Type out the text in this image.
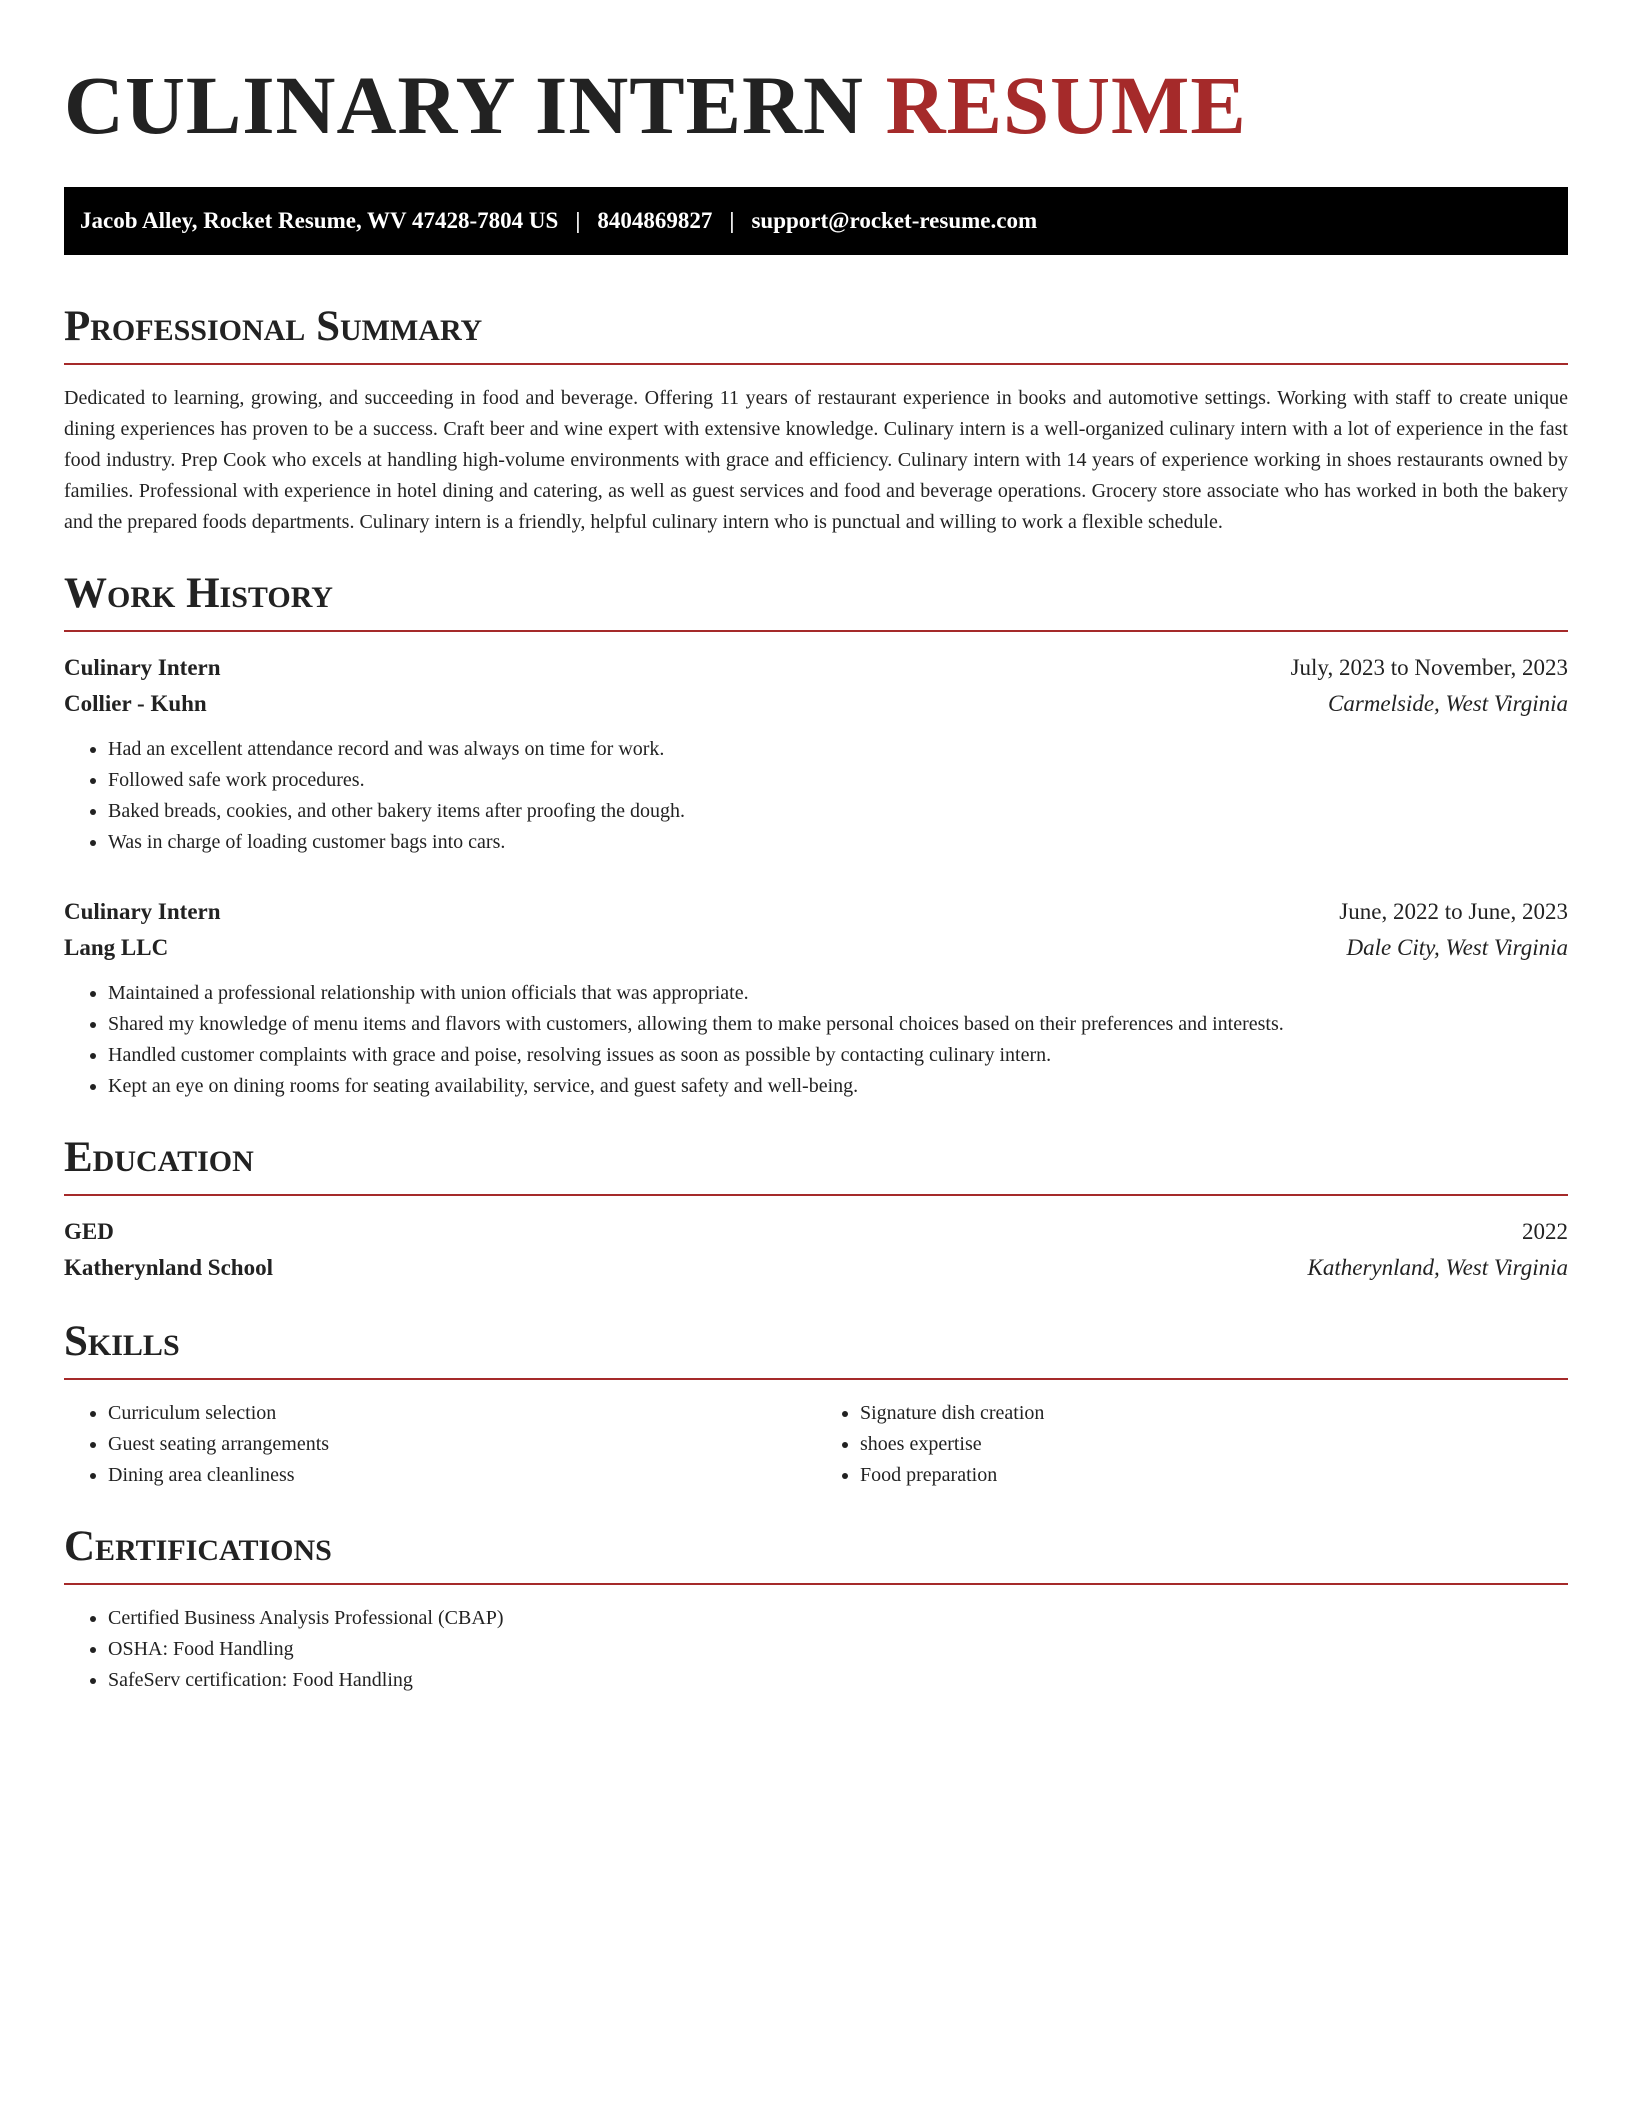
CULINARY INTERN RESUME
Jacob Alley, Rocket Resume, WV 47428-7804 US | 8404869827 | support@rocket-resume.com
Professional Summary

Dedicated to learning, growing, and succeeding in food and beverage. Offering 11 years of restaurant experience in books and automotive settings. Working with staff to create unique dining experiences has proven to be a success. Craft beer and wine expert with extensive knowledge. Culinary intern is a well-organized culinary intern with a lot of experience in the fast food industry. Prep Cook who excels at handling high-volume environments with grace and efficiency. Culinary intern with 14 years of experience working in shoes restaurants owned by families. Professional with experience in hotel dining and catering, as well as guest services and food and beverage operations. Grocery store associate who has worked in both the bakery and the prepared foods departments. Culinary intern is a friendly, helpful culinary intern who is punctual and willing to work a flexible schedule.

Work History
Culinary Intern	July, 2023 to November, 2023
Collier - Kuhn	Carmelside, West Virginia
• Had an excellent attendance record and was always on time for work.
• Followed safe work procedures.
• Baked breads, cookies, and other bakery items after proofing the dough.
• Was in charge of loading customer bags into cars.
Culinary Intern	June, 2022 to June, 2023
Lang LLC	Dale City, West Virginia
• Maintained a professional relationship with union officials that was appropriate.
• Shared my knowledge of menu items and flavors with customers, allowing them to make personal choices based on their preferences and interests.
• Handled customer complaints with grace and poise, resolving issues as soon as possible by contacting culinary intern.
• Kept an eye on dining rooms for seating availability, service, and guest safety and well-being.
Education
GED	2022
Katherynland School	Katherynland, West Virginia
Skills
• Curriculum selection
• Guest seating arrangements
• Dining area cleanliness
• Signature dish creation
• shoes expertise
• Food preparation
Certifications
• Certified Business Analysis Professional (CBAP)
• OSHA: Food Handling
• SafeServ certification: Food Handling
